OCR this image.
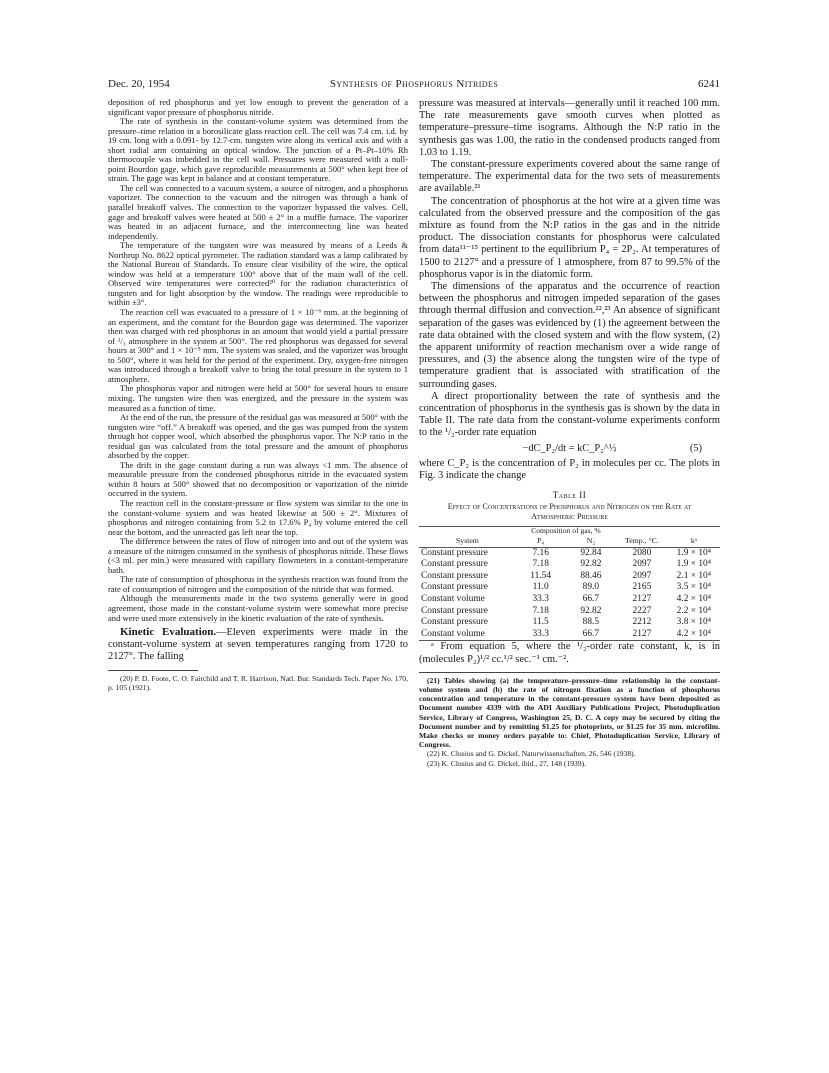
Dec. 20, 1954	Synthesis of Phosphorus Nitrides	6241

deposition of red phosphorus and yet low enough to prevent the generation of a significant vapor pressure of phosphorus nitride.

The rate of synthesis in the constant-volume system was determined from the pressure–time relation in a borosilicate glass reaction cell. The cell was 7.4 cm. i.d. by 19 cm. long with a 0.091- by 12.7-cm. tungsten wire along its vertical axis and with a short radial arm containing an optical window. The junction of a Pt–Pt–10% Rh thermocouple was imbedded in the cell wall. Pressures were measured with a null-point Bourdon gage, which gave reproducible measurements at 500° when kept free of strain. The gage was kept in balance and at constant temperature.

The cell was connected to a vacuum system, a source of nitrogen, and a phosphorus vaporizer. The connection to the vacuum and the nitrogen was through a bank of parallel breakoff valves. The connection to the vaporizer bypassed the valves. Cell, gage and breakoff valves were heated at 500 ± 2° in a muffle furnace. The vaporizer was heated in an adjacent furnace, and the interconnecting line was heated independently.

The temperature of the tungsten wire was measured by means of a Leeds & Northrup No. 8622 optical pyrometer. The radiation standard was a lamp calibrated by the National Bureau of Standards. To ensure clear visibility of the wire, the optical window was held at a temperature 100° above that of the main wall of the cell. Observed wire temperatures were corrected²⁰ for the radiation characteristics of tungsten and for light absorption by the window. The readings were reproducible to within ±3°.

The reaction cell was evacuated to a pressure of 1 × 10⁻⁶ mm. at the beginning of an experiment, and the constant for the Bourdon gage was determined. The vaporizer then was charged with red phosphorus in an amount that would yield a partial pressure of ¹/₃ atmosphere in the system at 500°. The red phosphorus was degassed for several hours at 300° and 1 × 10⁻⁵ mm. The system was sealed, and the vaporizer was brought to 500°, where it was held for the period of the experiment. Dry, oxygen-free nitrogen was introduced through a breakoff valve to bring the total pressure in the system to 1 atmosphere.

The phosphorus vapor and nitrogen were held at 500° for several hours to ensure mixing. The tungsten wire then was energized, and the pressure in the system was measured as a function of time.

At the end of the run, the pressure of the residual gas was measured at 500° with the tungsten wire “off.” A breakoff was opened, and the gas was pumped from the system through hot copper wool, which absorbed the phosphorus vapor. The N:P ratio in the residual gas was calculated from the total pressure and the amount of phosphorus absorbed by the copper.

The drift in the gage constant during a run was always <1 mm. The absence of measurable pressure from the condensed phosphorus nitride in the evacuated system within 8 hours at 500° showed that no decomposition or vaporization of the nitride occurred in the system.

The reaction cell in the constant-pressure or flow system was similar to the one in the constant-volume system and was heated likewise at 500 ± 2°. Mixtures of phosphorus and nitrogen containing from 5.2 to 17.6% P₄ by volume entered the cell near the bottom, and the unreacted gas left near the top.

The difference between the rates of flow of nitrogen into and out of the system was a measure of the nitrogen consumed in the synthesis of phosphorus nitride. These flows (<3 ml. per min.) were measured with capillary flowmeters in a constant-temperature bath.

The rate of consumption of phosphorus in the synthesis reaction was found from the rate of consumption of nitrogen and the composition of the nitride that was formed.

Although the measurements made in the two systems generally were in good agreement, those made in the constant-volume system were somewhat more precise and were used more extensively in the kinetic evaluation of the rate of synthesis.

Kinetic Evaluation.—Eleven experiments were made in the constant-volume system at seven temperatures ranging from 1720 to 2127°. The falling

(20) P. D. Foote, C. O. Fairchild and T. R. Harrison, Natl. Bur. Standards Tech. Paper No. 170, p. 105 (1921).

pressure was measured at intervals—generally until it reached 100 mm. The rate measurements gave smooth curves when plotted as temperature–pressure–time isograms. Although the N:P ratio in the synthesis gas was 1.00, the ratio in the condensed products ranged from 1.03 to 1.19.

The constant-pressure experiments covered about the same range of temperature. The experimental data for the two sets of measurements are available.²¹

The concentration of phosphorus at the hot wire at a given time was calculated from the observed pressure and the composition of the gas mixture as found from the N:P ratios in the gas and in the nitride product. The dissociation constants for phosphorus were calculated from data¹¹⁻¹⁵ pertinent to the equilibrium P₄ = 2P₂. At temperatures of 1500 to 2127° and a pressure of 1 atmosphere, from 87 to 99.5% of the phosphorus vapor is in the diatomic form.

The dimensions of the apparatus and the occurrence of reaction between the phosphorus and nitrogen impeded separation of the gases through thermal diffusion and convection.²²,²³ An absence of significant separation of the gases was evidenced by (1) the agreement between the rate data obtained with the closed system and with the flow system, (2) the apparent uniformity of reaction mechanism over a wide range of pressures, and (3) the absence along the tungsten wire of the type of temperature gradient that is associated with stratification of the surrounding gases.

A direct proportionality between the rate of synthesis and the concentration of phosphorus in the synthesis gas is shown by the data in Table II. The rate data from the constant-volume experiments conform to the ¹/₂-order rate equation

−dC_P₂/dt = kC_P₂^½	(5)

where C_P₂ is the concentration of P₂ in molecules per cc. The plots in Fig. 3 indicate the change

Table II
Effect of Concentrations of Phosphorus and Nitrogen on the Rate at Atmospheric Pressure
	Composition of gas, %			
System	P₄	N₂	Temp., °C.	kᵃ
Constant pressure	7.16	92.84	2080	1.9 × 10⁴
Constant pressure	7.18	92.82	2097	1.9 × 10⁴
Constant pressure	11.54	88.46	2097	2.1 × 10⁴
Constant pressure	11.0	89.0	2165	3.5 × 10⁴
Constant volume	33.3	66.7	2127	4.2 × 10⁴
Constant pressure	7.18	92.82	2227	2.2 × 10⁴
Constant pressure	11.5	88.5	2212	3.8 × 10⁴
Constant volume	33.3	66.7	2127	4.2 × 10⁴

ᵃ From equation 5, where the ¹/₂-order rate constant, k, is in (molecules P₂)¹/² cc.¹/² sec.⁻¹ cm.⁻².

(21) Tables showing (a) the temperature–pressure–time relationship in the constant-volume system and (b) the rate of nitrogen fixation as a function of phosphorus concentration and temperature in the constant-pressure system have been deposited as Document number 4339 with the ADI Auxiliary Publications Project, Photoduplication Service, Library of Congress, Washington 25, D. C. A copy may be secured by citing the Document number and by remitting $1.25 for photoprints, or $1.25 for 35 mm. microfilm. Make checks or money orders payable to: Chief, Photoduplication Service, Library of Congress.

(22) K. Clusius and G. Dickel, Naturwissenschaften, 26, 546 (1938).

(23) K. Clusius and G. Dickel, ibid., 27, 148 (1939).
